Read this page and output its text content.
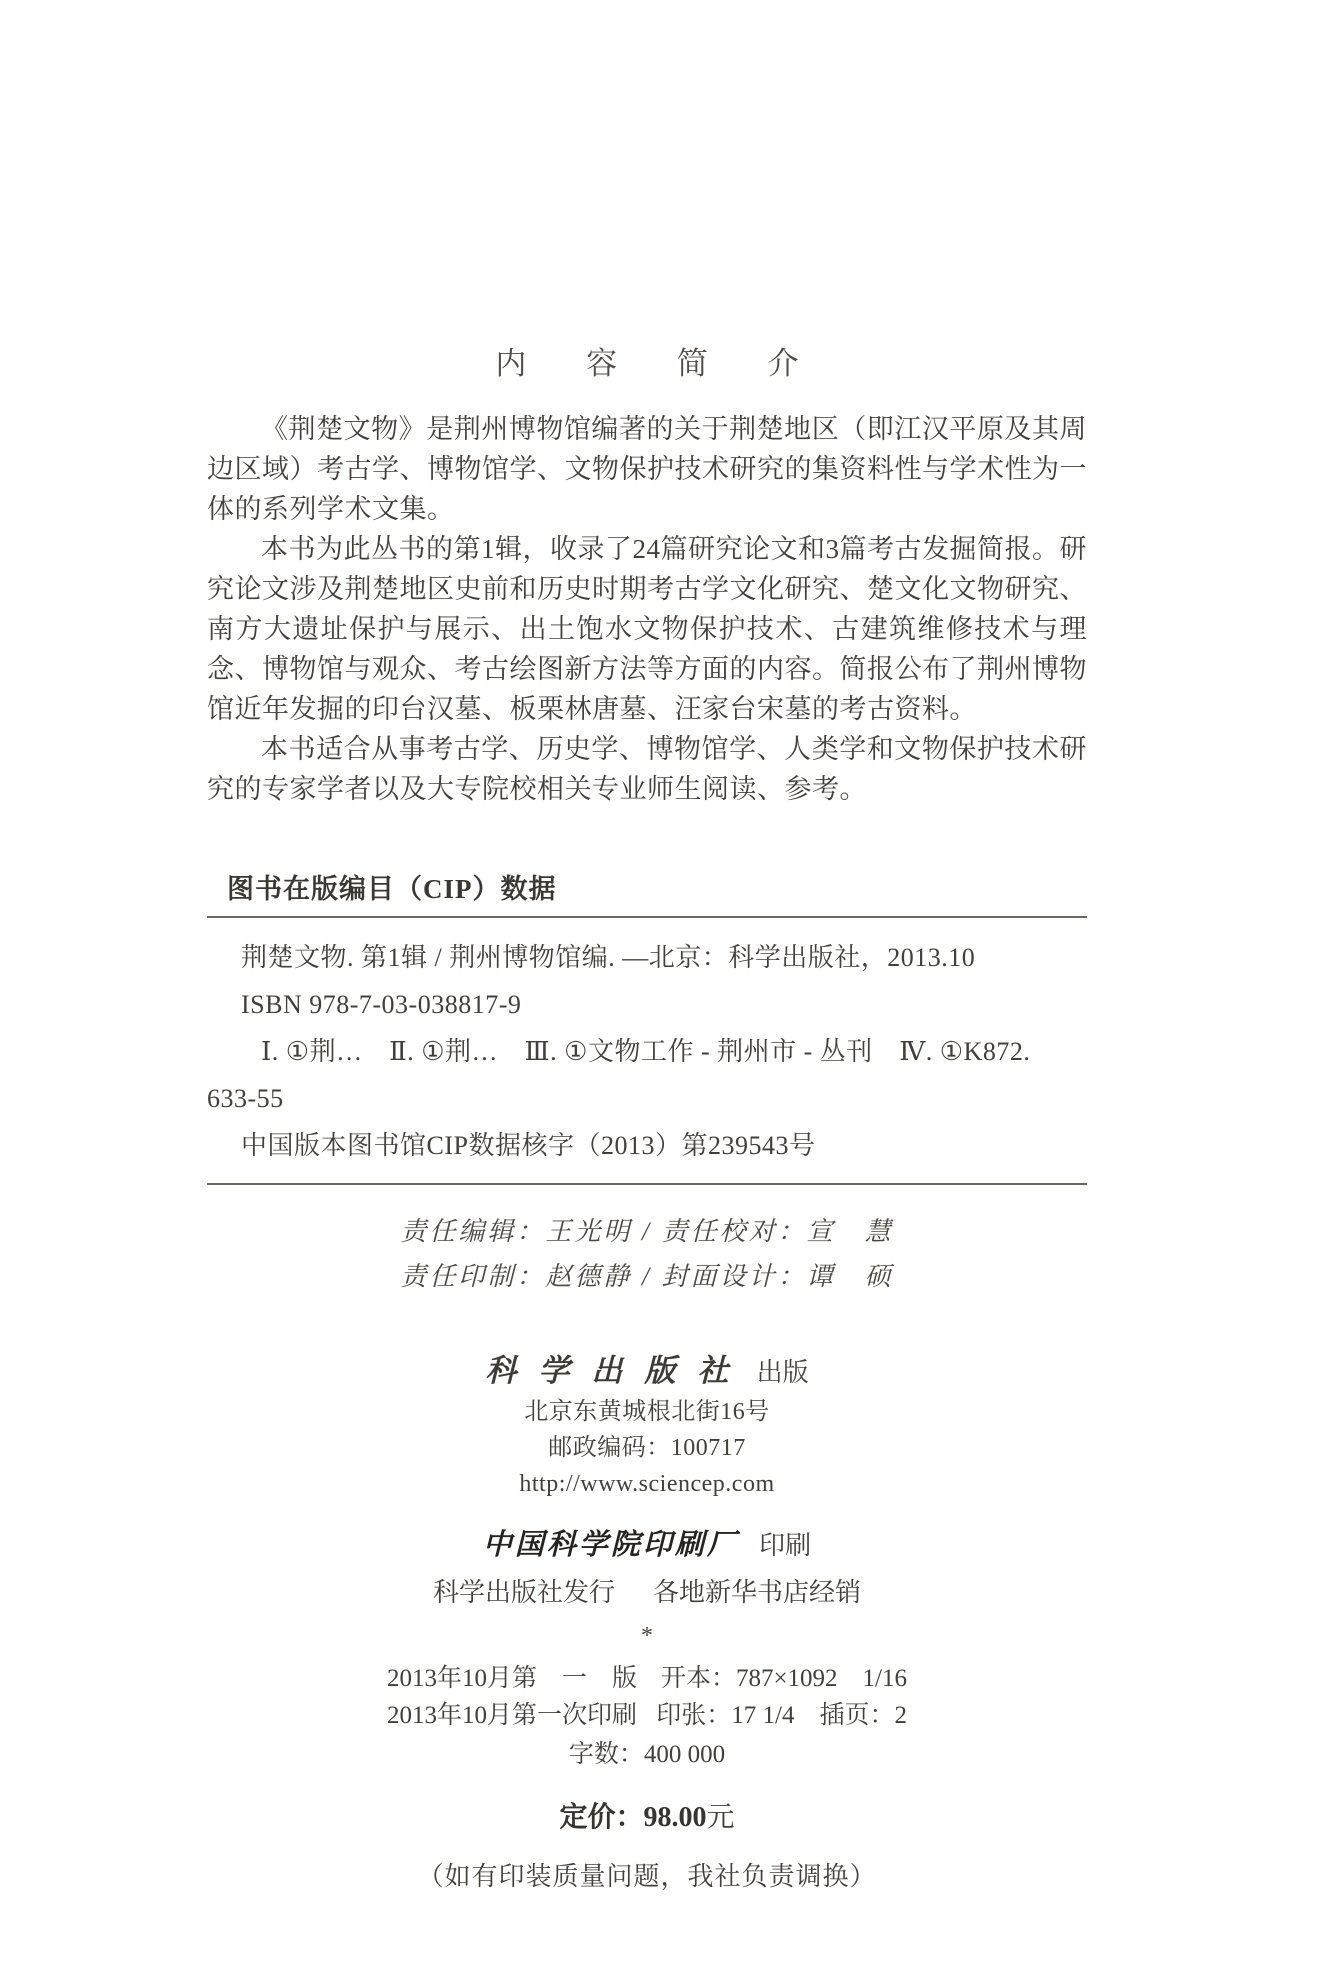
内 容 简 介

《荆楚文物》是荆州博物馆编著的关于荆楚地区（即江汉平原及其周边区域）考古学、博物馆学、文物保护技术研究的集资料性与学术性为一体的系列学术文集。

本书为此丛书的第1辑，收录了24篇研究论文和3篇考古发掘简报。研究论文涉及荆楚地区史前和历史时期考古学文化研究、楚文化文物研究、南方大遗址保护与展示、出土饱水文物保护技术、古建筑维修技术与理念、博物馆与观众、考古绘图新方法等方面的内容。简报公布了荆州博物馆近年发掘的印台汉墓、板栗林唐墓、汪家台宋墓的考古资料。

本书适合从事考古学、历史学、博物馆学、人类学和文物保护技术研究的专家学者以及大专院校相关专业师生阅读、参考。

图书在版编目（CIP）数据

荆楚文物. 第1辑 / 荆州博物馆编. —北京：科学出版社，2013.10

ISBN 978-7-03-038817-9

Ⅰ. ①荆…　Ⅱ. ①荆…　Ⅲ. ①文物工作 - 荆州市 - 丛刊　Ⅳ. ①K872.

633-55

中国版本图书馆CIP数据核字（2013）第239543号

责任编辑：王光明 / 责任校对：宣　慧

责任印制：赵德静 / 封面设计：谭　硕

科学出版社 出版

北京东黄城根北街16号

邮政编码：100717

http://www.sciencep.com

中国科学院印刷厂 印刷
科学出版社发行 各地新华书店经销
*
2013年10月第　一　版 开本：787×1092　1/16
2013年10月第一次印刷 印张：17 1/4　插页：2

字数：400 000

定价：98.00元

（如有印装质量问题，我社负责调换）
